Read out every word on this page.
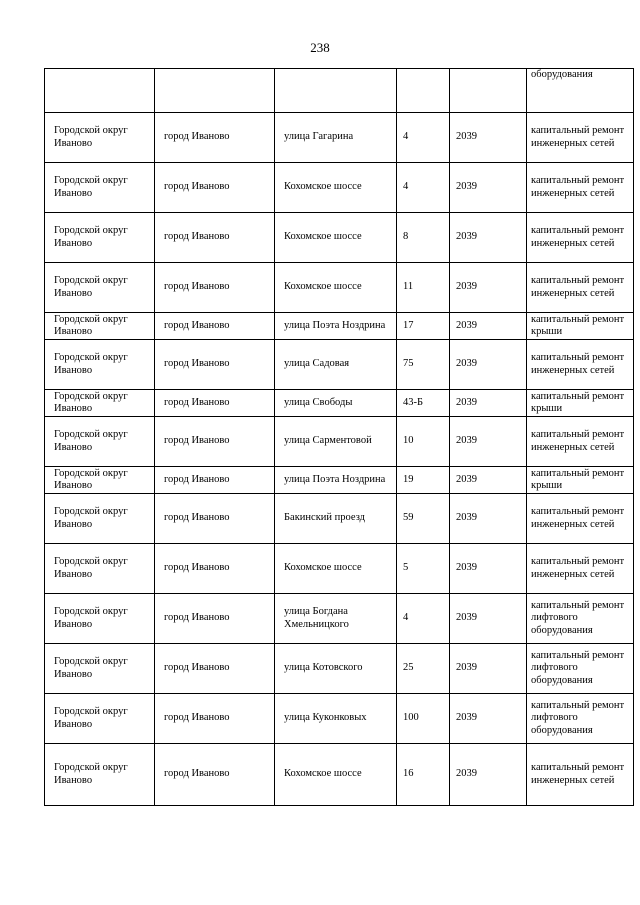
238
					оборудования
Городской округ Иваново	город Иваново	улица Гагарина	4	2039	капитальный ремонт инженерных сетей
Городской округ Иваново	город Иваново	Кохомское шоссе	4	2039	капитальный ремонт инженерных сетей
Городской округ Иваново	город Иваново	Кохомское шоссе	8	2039	капитальный ремонт инженерных сетей
Городской округ Иваново	город Иваново	Кохомское шоссе	11	2039	капитальный ремонт инженерных сетей
Городской округ Иваново	город Иваново	улица Поэта Ноздрина	17	2039	капитальный ремонт крыши
Городской округ Иваново	город Иваново	улица Садовая	75	2039	капитальный ремонт инженерных сетей
Городской округ Иваново	город Иваново	улица Свободы	43-Б	2039	капитальный ремонт крыши
Городской округ Иваново	город Иваново	улица Сарментовой	10	2039	капитальный ремонт инженерных сетей
Городской округ Иваново	город Иваново	улица Поэта Ноздрина	19	2039	капитальный ремонт крыши
Городской округ Иваново	город Иваново	Бакинский проезд	59	2039	капитальный ремонт инженерных сетей
Городской округ Иваново	город Иваново	Кохомское шоссе	5	2039	капитальный ремонт инженерных сетей
Городской округ Иваново	город Иваново	улица Богдана Хмельницкого	4	2039	капитальный ремонт лифтового оборудования
Городской округ Иваново	город Иваново	улица Котовского	25	2039	капитальный ремонт лифтового оборудования
Городской округ Иваново	город Иваново	улица Куконковых	100	2039	капитальный ремонт лифтового оборудования
Городской округ Иваново	город Иваново	Кохомское шоссе	16	2039	капитальный ремонт инженерных сетей
